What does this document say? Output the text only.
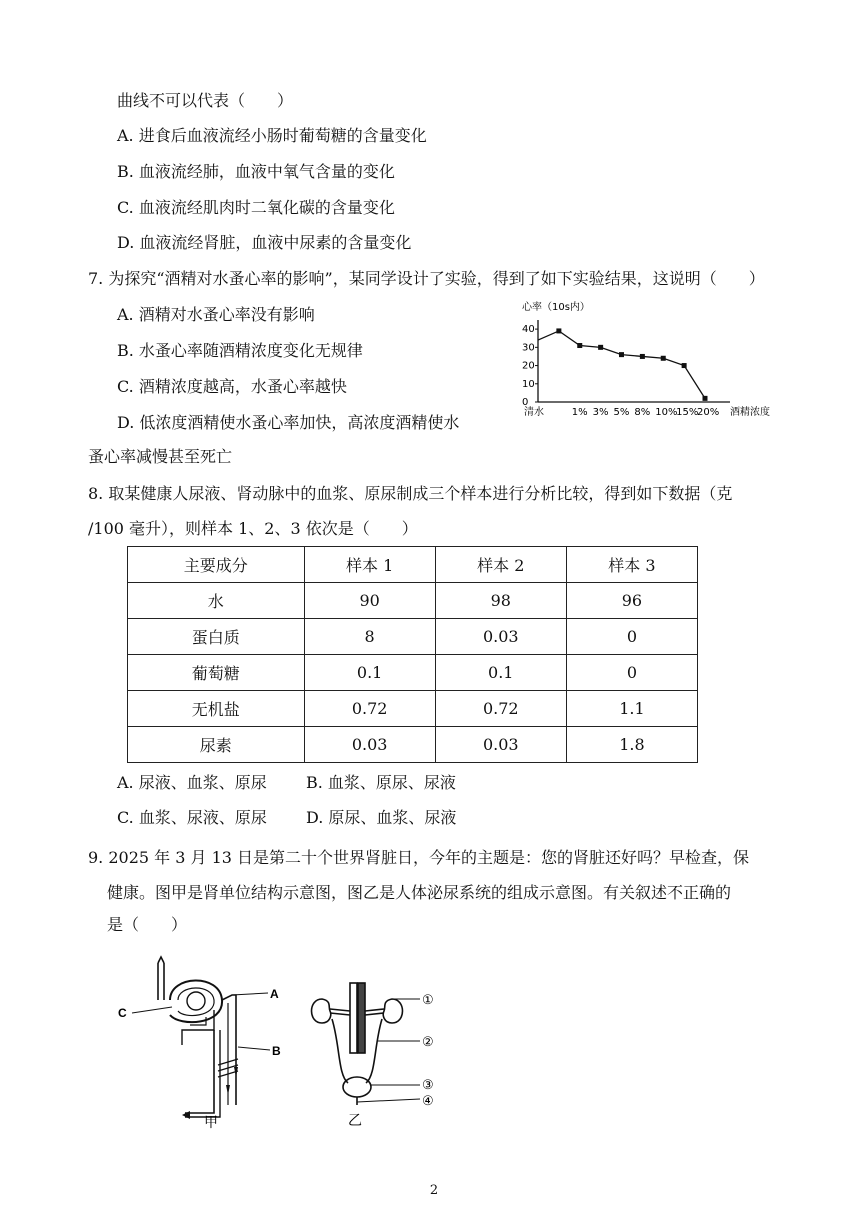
曲线不可以代表（　　）
A. 进食后血液流经小肠时葡萄糖的含量变化
B. 血液流经肺，血液中氧气含量的变化
C. 血液流经肌肉时二氧化碳的含量变化
D. 血液流经肾脏，血液中尿素的含量变化
7. 为探究“酒精对水蚤心率的影响”，某同学设计了实验，得到了如下实验结果，这说明（　　）
A. 酒精对水蚤心率没有影响
B. 水蚤心率随酒精浓度变化无规律
C. 酒精浓度越高，水蚤心率越快
D. 低浓度酒精使水蚤心率加快，高浓度酒精使水
蚤心率减慢甚至死亡
心率（10s内）
酒精浓度
0
10
20
30
40
清水	1% 3% 5% 8% 10%
15%
20%
8. 取某健康人尿液、肾动脉中的血浆、原尿制成三个样本进行分析比较，得到如下数据（克
/100 毫升），则样本 1、2、3 依次是（　　）
主要成分	样本 1	样本 2	样本 3
水	90	98	96
蛋白质	8	0.03	0
葡萄糖	0.1	0.1	0
无机盐	0.72	0.72	1.1
尿素	0.03	0.03	1.8
A. 尿液、血浆、原尿 B. 血浆、原尿、尿液
C. 血浆、尿液、原尿 D. 原尿、血浆、尿液
9. 2025 年 3 月 13 日是第二十个世界肾脏日，今年的主题是：您的肾脏还好吗？早检查，保
健康。图甲是肾单位结构示意图，图乙是人体泌尿系统的组成示意图。有关叙述不正确的
是（　　）
A
B
C
甲
①
②
③
④
乙
2
